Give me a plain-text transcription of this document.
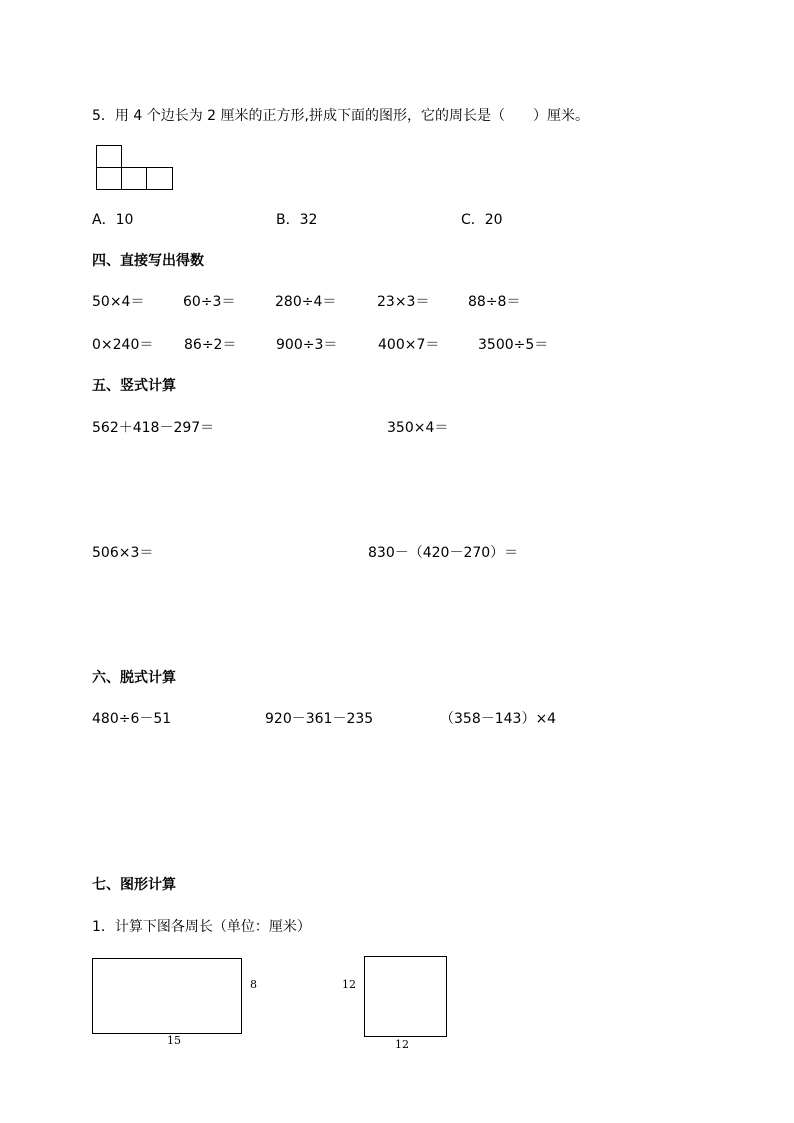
5．用 4 个边长为 2 厘米的正方形,拼成下面的图形，它的周长是（　　）厘米。
A．10	B．32	C．20
四、直接写出得数
50×4＝	60÷3＝	280÷4＝	23×3＝	88÷8＝
0×240＝ 86÷2＝	900÷3＝	400×7＝	3500÷5＝
五、竖式计算
562＋418－297＝	350×4＝
506×3＝	830－（420－270）＝
六、脱式计算
480÷6－51	920－361－235	（358－143）×4
七、图形计算
1．计算下图各周长（单位：厘米）
8
15
12
12
